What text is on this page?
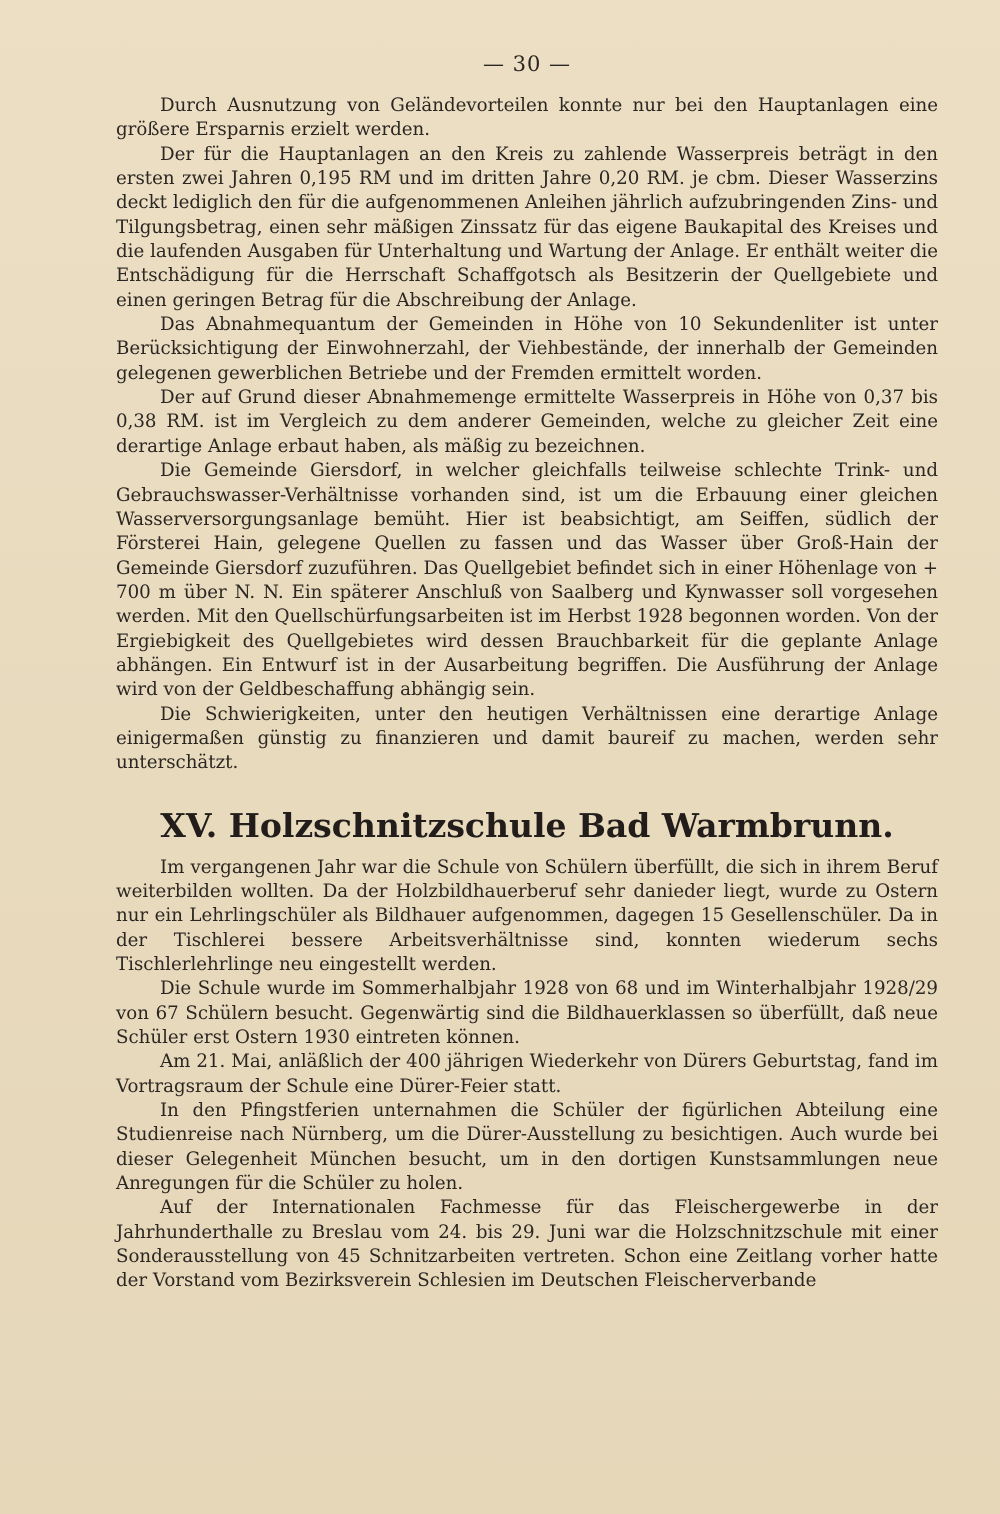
— 30 —

Durch Ausnutzung von Geländevorteilen konnte nur bei den Hauptanlagen eine größere Ersparnis erzielt werden.

Der für die Hauptanlagen an den Kreis zu zahlende Wasserpreis beträgt in den ersten zwei Jahren 0,195 RM und im dritten Jahre 0,20 RM. je cbm. Dieser Wasserzins deckt lediglich den für die aufgenommenen Anleihen jährlich aufzubringenden Zins- und Tilgungsbetrag, einen sehr mäßigen Zinssatz für das eigene Baukapital des Kreises und die laufenden Ausgaben für Unterhaltung und Wartung der Anlage. Er enthält weiter die Entschädigung für die Herrschaft Schaffgotsch als Besitzerin der Quellgebiete und einen geringen Betrag für die Abschreibung der Anlage.

Das Abnahmequantum der Gemeinden in Höhe von 10 Sekundenliter ist unter Berücksichtigung der Einwohnerzahl, der Viehbestände, der innerhalb der Gemeinden gelegenen gewerblichen Betriebe und der Fremden ermittelt worden.

Der auf Grund dieser Abnahmemenge ermittelte Wasserpreis in Höhe von 0,37 bis 0,38 RM. ist im Vergleich zu dem anderer Gemeinden, welche zu gleicher Zeit eine derartige Anlage erbaut haben, als mäßig zu bezeichnen.

Die Gemeinde Giersdorf, in welcher gleichfalls teilweise schlechte Trink- und Gebrauchswasser-Verhältnisse vorhanden sind, ist um die Erbauung einer gleichen Wasserversorgungsanlage bemüht. Hier ist beabsichtigt, am Seiffen, südlich der Försterei Hain, gelegene Quellen zu fassen und das Wasser über Groß-Hain der Gemeinde Giersdorf zuzuführen. Das Quellgebiet befindet sich in einer Höhenlage von + 700 m über N. N. Ein späterer Anschluß von Saalberg und Kynwasser soll vorgesehen werden. Mit den Quellschürfungsarbeiten ist im Herbst 1928 begonnen worden. Von der Ergiebigkeit des Quellgebietes wird dessen Brauchbarkeit für die geplante Anlage abhängen. Ein Entwurf ist in der Ausarbeitung begriffen. Die Ausführung der Anlage wird von der Geldbeschaffung abhängig sein.

Die Schwierigkeiten, unter den heutigen Verhältnissen eine derartige Anlage einigermaßen günstig zu finanzieren und damit baureif zu machen, werden sehr unterschätzt.

XV. Holzschnitzschule Bad Warmbrunn.

Im vergangenen Jahr war die Schule von Schülern überfüllt, die sich in ihrem Beruf weiterbilden wollten. Da der Holzbildhauerberuf sehr danieder liegt, wurde zu Ostern nur ein Lehrlingschüler als Bildhauer aufgenommen, dagegen 15 Gesellenschüler. Da in der Tischlerei bessere Arbeitsverhältnisse sind, konnten wiederum sechs Tischlerlehrlinge neu eingestellt werden.

Die Schule wurde im Sommerhalbjahr 1928 von 68 und im Winterhalbjahr 1928/29 von 67 Schülern besucht. Gegenwärtig sind die Bildhauerklassen so überfüllt, daß neue Schüler erst Ostern 1930 eintreten können.

Am 21. Mai, anläßlich der 400 jährigen Wiederkehr von Dürers Geburtstag, fand im Vortragsraum der Schule eine Dürer-Feier statt.

In den Pfingstferien unternahmen die Schüler der figürlichen Abteilung eine Studienreise nach Nürnberg, um die Dürer-Ausstellung zu besichtigen. Auch wurde bei dieser Gelegenheit München besucht, um in den dortigen Kunstsammlungen neue Anregungen für die Schüler zu holen.

Auf der Internationalen Fachmesse für das Fleischergewerbe in der Jahrhunderthalle zu Breslau vom 24. bis 29. Juni war die Holzschnitzschule mit einer Sonderausstellung von 45 Schnitzarbeiten vertreten. Schon eine Zeitlang vorher hatte der Vorstand vom Bezirksverein Schlesien im Deutschen Fleischerverbande
